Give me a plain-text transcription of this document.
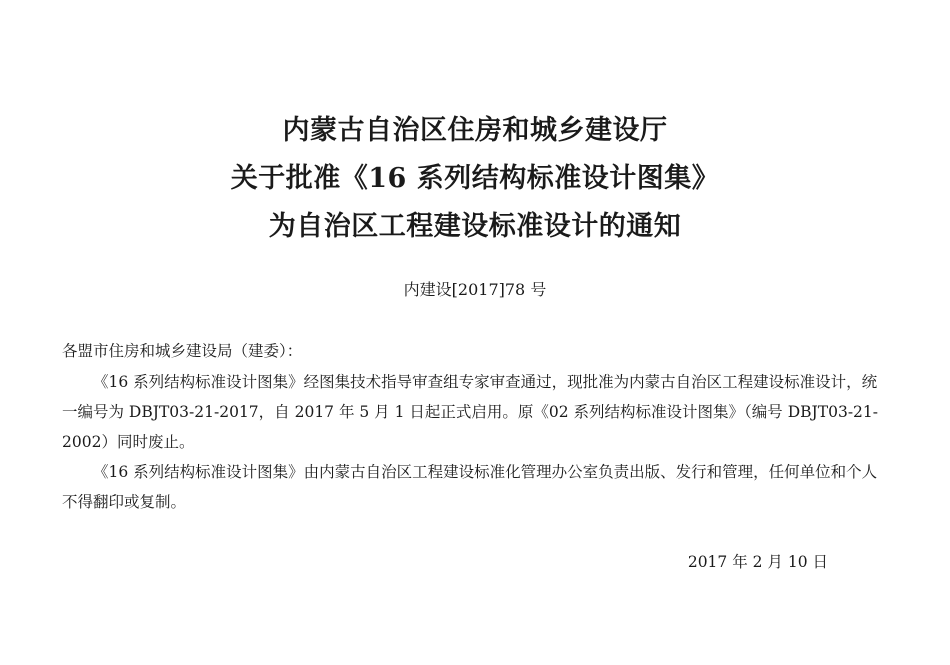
内蒙古自治区住房和城乡建设厅
关于批准《16 系列结构标准设计图集》
为自治区工程建设标准设计的通知
内建设[2017]78 号
各盟市住房和城乡建设局（建委）：
《16 系列结构标准设计图集》经图集技术指导审查组专家审查通过，现批准为内蒙古自治区工程建设标准设计，统一编号为 DBJT03-21-2017，自 2017 年 5 月 1 日起正式启用。原《02 系列结构标准设计图集》（编号 DBJT03-21-2002）同时废止。
《16 系列结构标准设计图集》由内蒙古自治区工程建设标准化管理办公室负责出版、发行和管理，任何单位和个人不得翻印或复制。
2017 年 2 月 10 日
